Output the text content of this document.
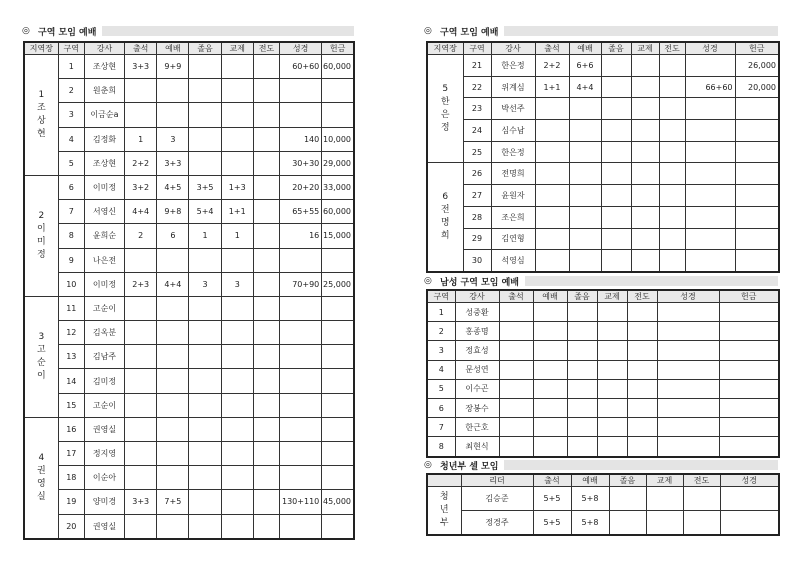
◎ 구역 모임 예배
지역장	구역	강사	출석	예배	졸음	교제	전도	성경	헌금

1
조
상
현	1	조상현	3+3	9+9				60+60	60,000
	2	원춘희							
	3	이금순a							
	4	김정화	1	3				140	10,000
	5	조상현	2+2	3+3				30+30	29,000

2
이
미
정	6	이미정	3+2	4+5	3+5	1+3		20+20	33,000
	7	서영신	4+4	9+8	5+4	1+1		65+55	60,000
	8	윤희순	2	6	1	1		16	15,000
	9	나은전							
	10	이미정	2+3	4+4	3	3		70+90	25,000

3
고
순
이	11	고순이							
	12	김옥분							
	13	김남주							
	14	김미정							
	15	고순이							

4
권
영
실	16	권영실							
	17	정지영							
	18	이순아							
	19	양미경	3+3	7+5				130+110	45,000
	20	권영실							
◎ 구역 모임 예배
지역장	구역	강사	출석	예배	졸음	교제	전도	성경	헌금

5
한
은
정	21	한은정	2+2	6+6					26,000
	22	위계심	1+1	4+4				66+60	20,000
	23	박선주							
	24	심수남							
	25	한은정							

6
전
명
희	26	전명희							
	27	윤원자							
	28	조은희							
	29	김연형							
	30	석영심							
◎ 남성 구역 모임 예배
구역	강사	출석	예배	졸음	교제	전도	성경	헌금
1	성중환							
2	홍종명							
3	정효성							
4	문성연							
5	이수곤							
6	장봉수							
7	한근호							
8	최현식							
◎ 청년부 셀 모임
	리더	출석	예배	졸음	교제	전도	성경

청
년
부	김승준	5+5	5+8				
	정경주	5+5	5+8				
